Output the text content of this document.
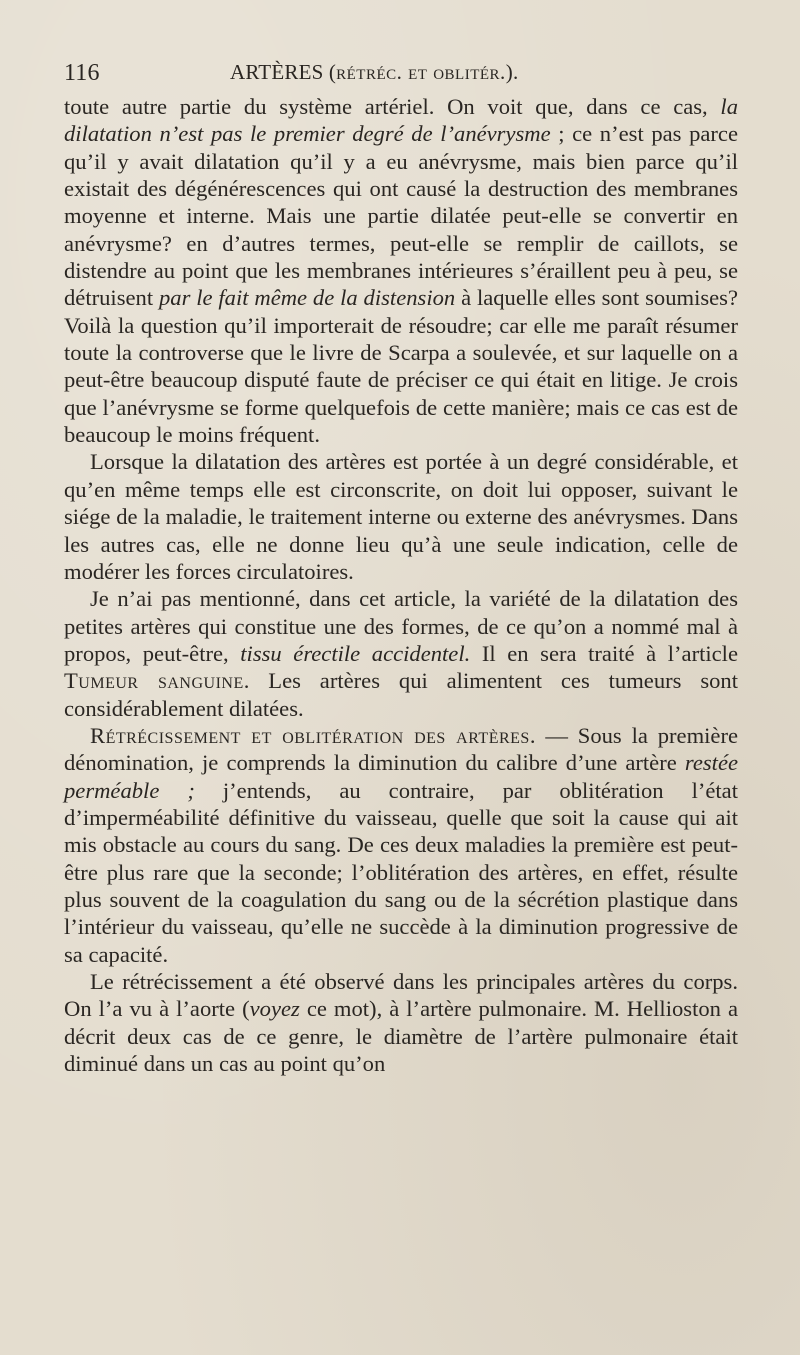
116	ARTÈRES (rétréc. et oblitér.).

toute autre partie du système artériel. On voit que, dans ce cas, la dilatation n’est pas le premier degré de l’anévrysme ; ce n’est pas parce qu’il y avait dilatation qu’il y a eu anévrysme, mais bien parce qu’il existait des dégénérescences qui ont causé la destruction des membranes moyenne et interne. Mais une partie dilatée peut-elle se convertir en anévrysme? en d’autres termes, peut-elle se remplir de caillots, se distendre au point que les membranes intérieures s’éraillent peu à peu, se détruisent par le fait même de la distension à laquelle elles sont soumises? Voilà la question qu’il importerait de résoudre; car elle me paraît résumer toute la controverse que le livre de Scarpa a soulevée, et sur laquelle on a peut-être beaucoup disputé faute de préciser ce qui était en litige. Je crois que l’anévrysme se forme quelquefois de cette manière; mais ce cas est de beaucoup le moins fréquent.

Lorsque la dilatation des artères est portée à un degré considérable, et qu’en même temps elle est circonscrite, on doit lui opposer, suivant le siége de la maladie, le traitement interne ou externe des anévrysmes. Dans les autres cas, elle ne donne lieu qu’à une seule indication, celle de modérer les forces circulatoires.

Je n’ai pas mentionné, dans cet article, la variété de la dilatation des petites artères qui constitue une des formes, de ce qu’on a nommé mal à propos, peut-être, tissu érectile accidentel. Il en sera traité à l’article Tumeur sanguine. Les artères qui alimentent ces tumeurs sont considérablement dilatées.

Rétrécissement et oblitération des artères. — Sous la première dénomination, je comprends la diminution du calibre d’une artère restée perméable ; j’entends, au contraire, par oblitération l’état d’imperméabilité définitive du vaisseau, quelle que soit la cause qui ait mis obstacle au cours du sang. De ces deux maladies la première est peut-être plus rare que la seconde; l’oblitération des artères, en effet, résulte plus souvent de la coagulation du sang ou de la sécrétion plastique dans l’intérieur du vaisseau, qu’elle ne succède à la diminution progressive de sa capacité.

Le rétrécissement a été observé dans les principales artères du corps. On l’a vu à l’aorte (voyez ce mot), à l’artère pulmonaire. M. Hellioston a décrit deux cas de ce genre, le diamètre de l’artère pulmonaire était diminué dans un cas au point qu’on
